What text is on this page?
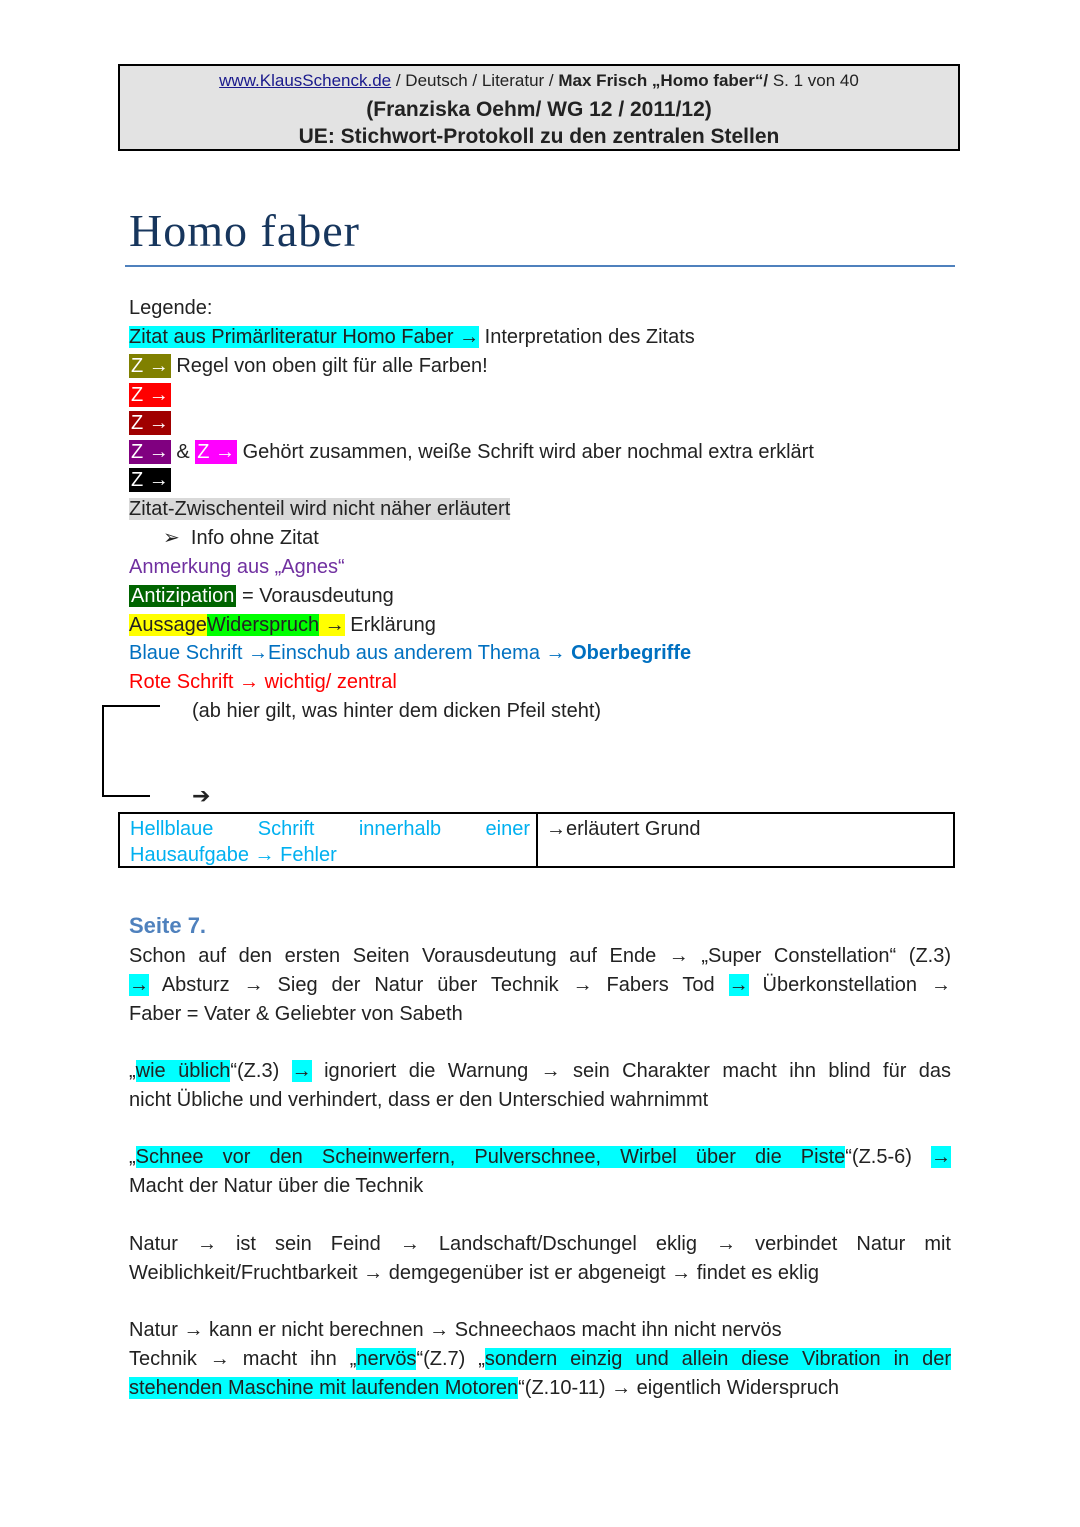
www.KlausSchenck.de / Deutsch / Literatur / Max Frisch „Homo faber“/ S. 1 von 40
(Franziska Oehm/ WG 12 / 2011/12)
UE: Stichwort-Protokoll zu den zentralen Stellen
Homo faber
Legende:
Zitat aus Primärliteratur Homo Faber → Interpretation des Zitats
Z → Regel von oben gilt für alle Farben!
Z →
Z →
Z → & Z → Gehört zusammen, weiße Schrift wird aber nochmal extra erklärt
Z →
Zitat-Zwischenteil wird nicht näher erläutert
➢ Info ohne Zitat
Anmerkung aus „Agnes“
Antizipation = Vorausdeutung
AussageWiderspruch → Erklärung
Blaue Schrift →Einschub aus anderem Thema → Oberbegriffe
Rote Schrift → wichtig/ zentral
(ab hier gilt, was hinter dem dicken Pfeil steht)
➔
Hellblaue Schrift innerhalb einer
Hausaufgabe → Fehler
→erläutert Grund
Seite 7.
Schon auf den ersten Seiten Vorausdeutung auf Ende → „Super Constellation“ (Z.3)
→ Absturz → Sieg der Natur über Technik → Fabers Tod → Überkonstellation →
Faber = Vater & Geliebter von Sabeth
„wie üblich“(Z.3) → ignoriert die Warnung → sein Charakter macht ihn blind für das
nicht Übliche und verhindert, dass er den Unterschied wahrnimmt
„Schnee vor den Scheinwerfern, Pulverschnee, Wirbel über die Piste“(Z.5-6) →
Macht der Natur über die Technik
Natur → ist sein Feind → Landschaft/Dschungel eklig → verbindet Natur mit
Weiblichkeit/Fruchtbarkeit → demgegenüber ist er abgeneigt → findet es eklig
Natur → kann er nicht berechnen → Schneechaos macht ihn nicht nervös
Technik → macht ihn „nervös“(Z.7) „sondern einzig und allein diese Vibration in der
stehenden Maschine mit laufenden Motoren“(Z.10-11) → eigentlich Widerspruch
